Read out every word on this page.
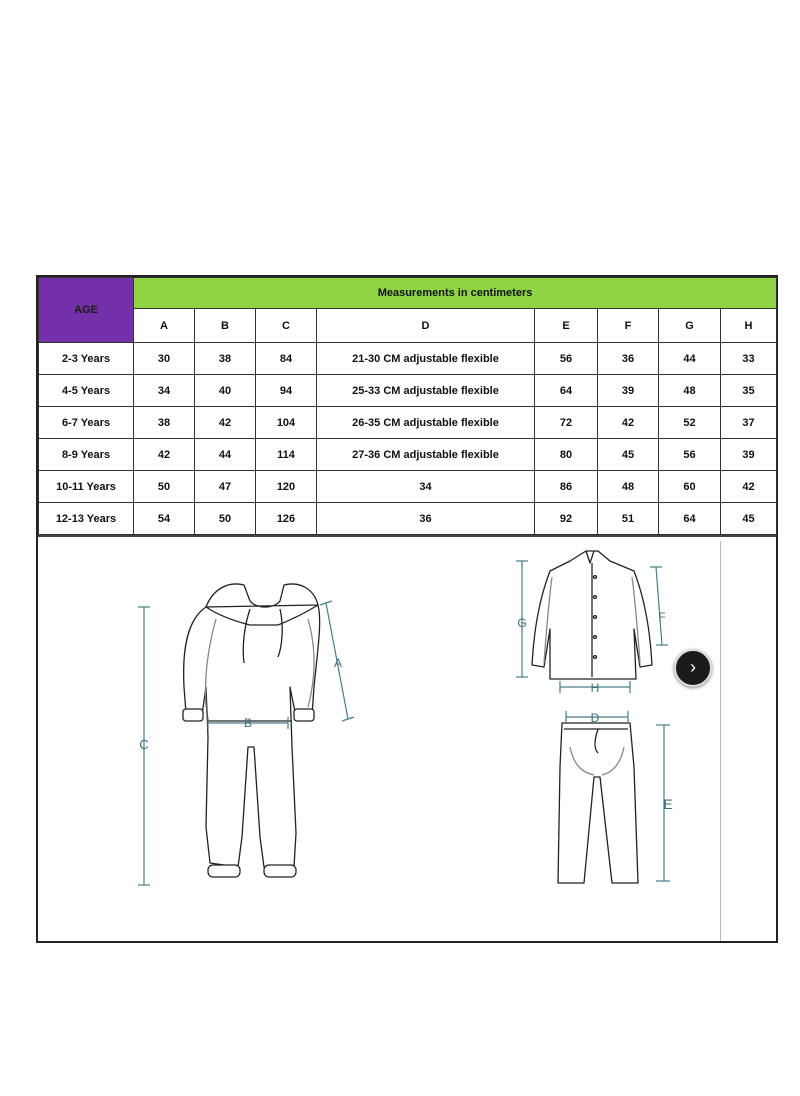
AGE	Measurements in centimeters							
	A	B	C	D	E	F	G	H
2-3 Years	30	38	84	21-30 CM adjustable flexible	56	36	44	33
4-5 Years	34	40	94	25-33 CM adjustable flexible	64	39	48	35
6-7 Years	38	42	104	26-35 CM adjustable flexible	72	42	52	37
8-9 Years	42	44	114	27-36 CM adjustable flexible	80	45	56	39
10-11 Years	50	47	120	34	86	48	60	42
12-13 Years	54	50	126	36	92	51	64	45
C
B
A
G	F
H
D
E
›
